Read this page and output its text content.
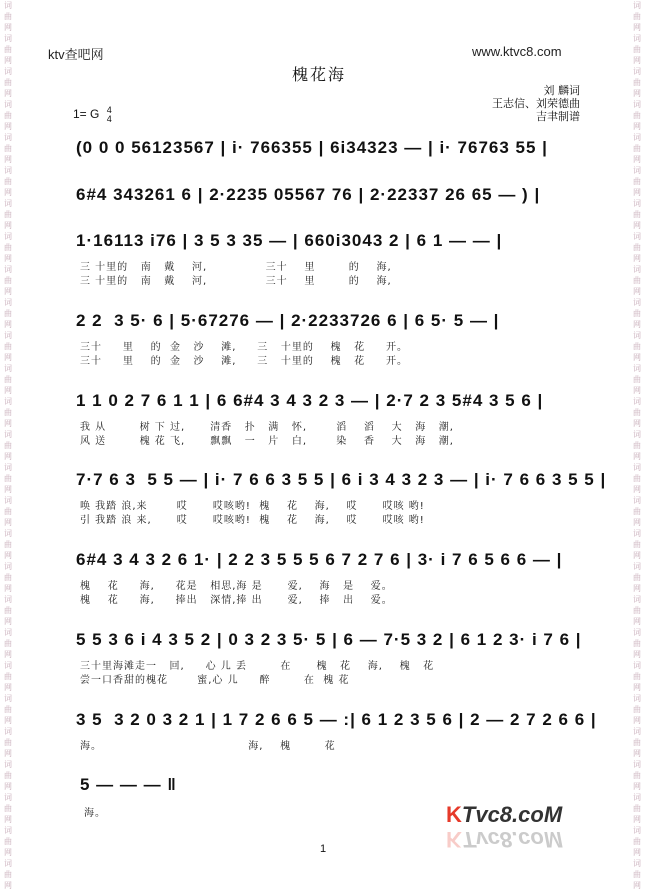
词曲网词曲网词曲网词曲网词曲网词曲网词曲网词曲网词曲网词曲网词曲网词曲网词曲网词曲网词曲网词曲网词曲网词曲网词曲网词曲网词曲网词曲网词曲网词曲网词曲网词曲网词曲网
词曲网词曲网词曲网词曲网词曲网词曲网词曲网词曲网词曲网词曲网词曲网词曲网词曲网词曲网词曲网词曲网词曲网词曲网词曲网词曲网词曲网词曲网词曲网词曲网词曲网词曲网词曲网
ktv查吧网	www.ktvc8.com
槐花海
刘 麟词
王志信、刘荣德曲
吉聿制谱
1= G 4
4
(0 0 0 56123567 | i· 766355 | 6i34323 — | i· 76763 55 |
6#4 343261 6 | 2·2235 05567 76 | 2·22337 26 65 — ) |
1·16113 i76 | 3 5 3 35 — | 660i3043 2 | 6 1 — — |
三 十里的   南   戴    河,              三十    里        的    海,
三 十里的   南   戴    河,              三十    里        的    海,
2 2  3 5· 6 | 5·67276 — | 2·2233726 6 | 6 5· 5 — |
三十     里    的  金   沙    滩,     三   十里的    槐   花     开。
三十     里    的  金   沙    滩,     三   十里的    槐   花     开。
1 1 0 2 7 6 1 1 | 6 6#4 3 4 3 2 3 — | 2·7 2 3 5#4 3 5 6 |
我 从        树 下 过,      清香   扑   满   怀,       滔    滔    大   海   潮,
风 送        槐 花 飞,      飘飘   一   片   白,       染    香    大   海   潮,
7·7 6 3  5 5 — | i· 7 6 6 3 5 5 | 6 i 3 4 3 2 3 — | i· 7 6 6 3 5 5 |
唤 我踏 浪,来       哎      哎咳哟!  槐    花    海,    哎      哎咳 哟!
引 我踏 浪 来,      哎      哎咳哟!  槐    花    海,    哎      哎咳 哟!
6#4 3 4 3 2 6 1· | 2 2 3 5 5 5 6 7 2 7 6 | 3· i 7 6 5 6 6 — |
槐    花     海,     花是   相思,海 是      爱,    海   是    爱。
槐    花     海,     捧出   深情,捧 出      爱,    捧   出    爱。
5 5 3 6 i 4 3 5 2 | 0 3 2 3 5· 5 | 6 — 7·5 3 2 | 6 1 2 3· i 7 6 |
三十里海滩走一   回,     心 儿 丢        在      槐   花    海,    槐   花
尝一口香甜的槐花       蜜,心 儿     醉        在  槐 花
3 5  3 2 0 3 2 1 | 1 7 2 6 6 5 — :| 6 1 2 3 5 6 | 2 — 2 7 2 6 6 |
海。                                   海,    槐        花
5 — — — ‖
海。
1
KTvc8.coM
KTvc8.coM
